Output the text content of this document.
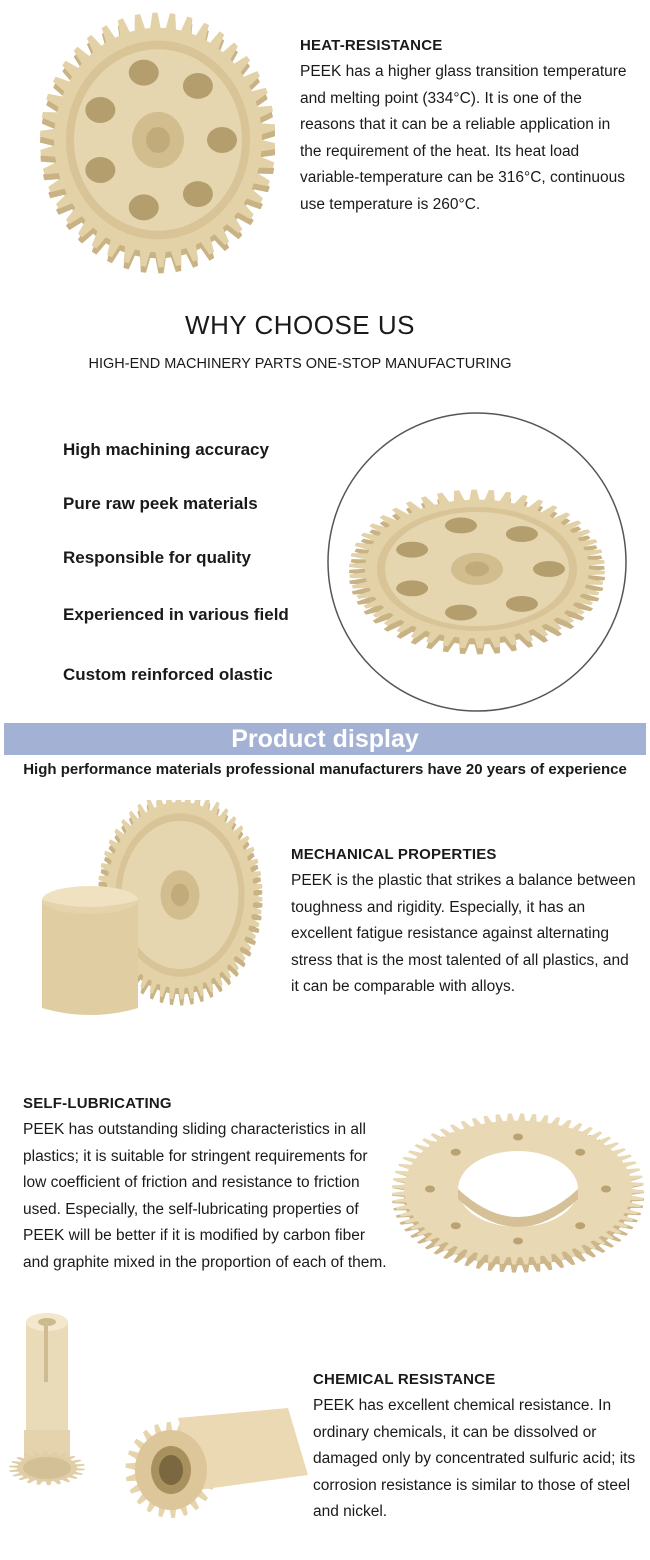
HEAT-RESISTANCE
PEEK has a higher glass transition temperature
and melting point (334°C). It is one of the
reasons that it can be a reliable application in
the requirement of the heat. Its heat load
variable-temperature can be 316°C, continuous
use temperature is 260°C.
WHY CHOOSE US
HIGH-END MACHINERY PARTS ONE-STOP MANUFACTURING
High machining accuracy
Pure raw peek materials
Responsible for quality
Experienced in various field
Custom reinforced olastic
Product display
High performance materials professional manufacturers have 20 years of experience
MECHANICAL PROPERTIES
PEEK is the plastic that strikes a balance between
toughness and rigidity. Especially, it has an
excellent fatigue resistance against alternating
stress that is the most talented of all plastics, and
it can be comparable with alloys.
SELF-LUBRICATING
PEEK has outstanding sliding characteristics in all
plastics; it is suitable for stringent requirements for
low coefficient of friction and resistance to friction
used. Especially, the self-lubricating properties of
PEEK will be better if it is modified by carbon fiber
and graphite mixed in the proportion of each of them.
CHEMICAL RESISTANCE
PEEK has excellent chemical resistance. In
ordinary chemicals, it can be dissolved or
damaged only by concentrated sulfuric acid; its
corrosion resistance is similar to those of steel
and nickel.
